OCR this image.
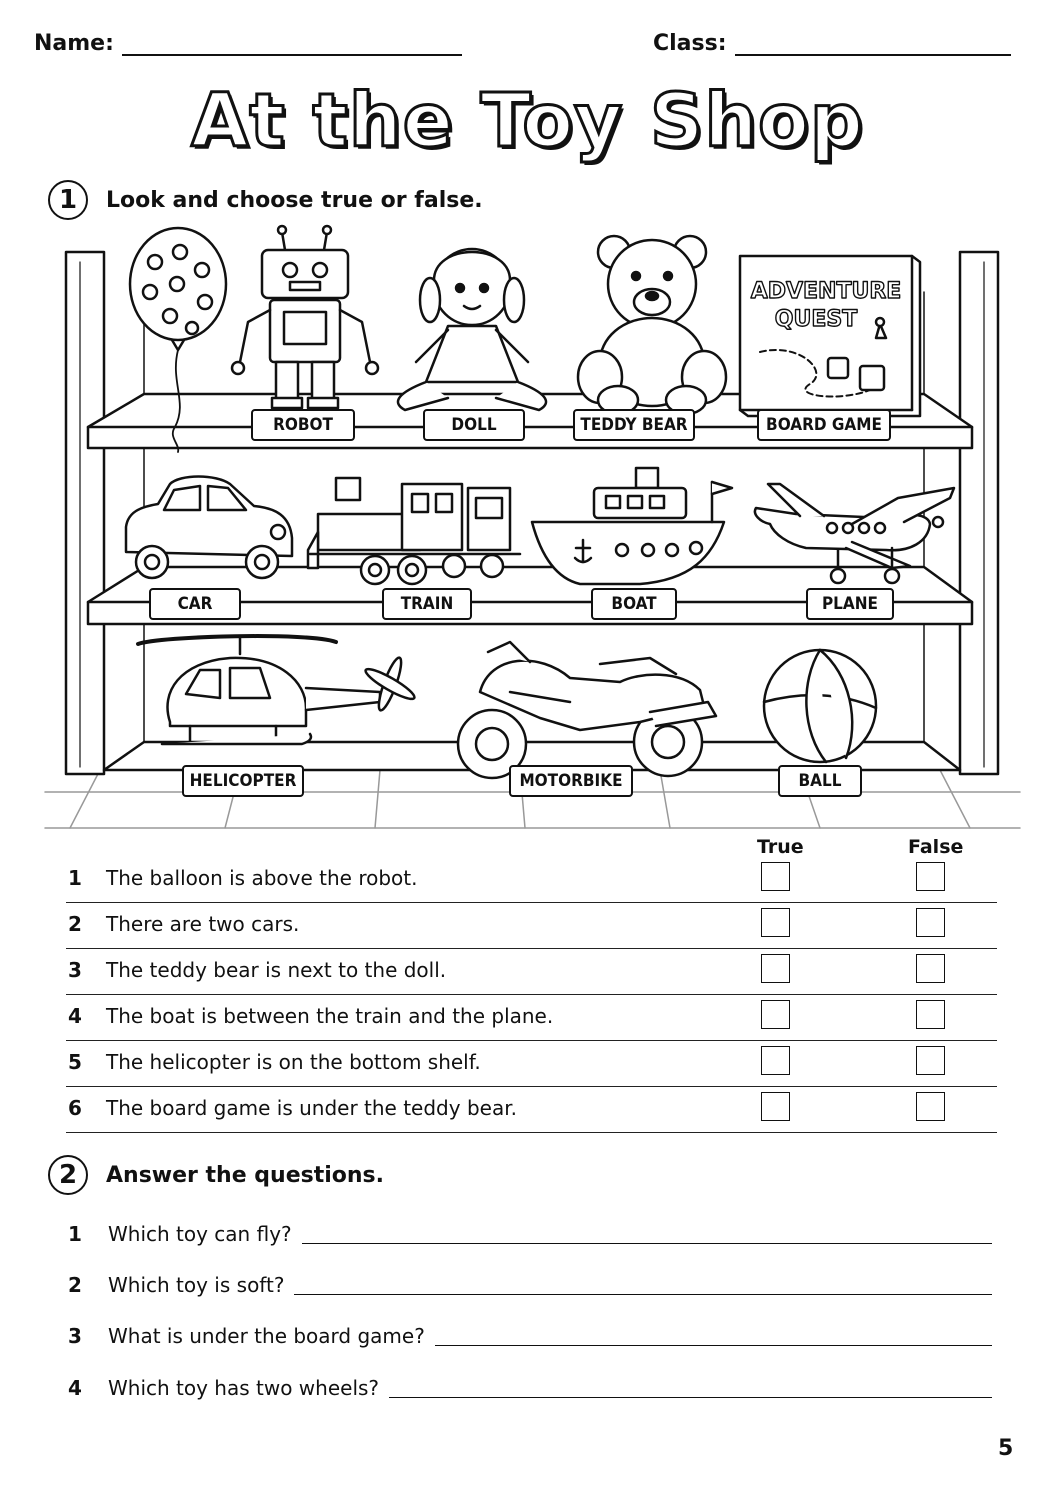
Name:	Class:
At the Toy Shop
1	Look and choose true or false.
ADVENTURE
QUEST
ROBOT	DOLL	TEDDY BEAR	BOARD GAME
CAR	TRAIN	BOAT	PLANE
HELICOPTER	MOTORBIKE	BALL
True	False
1 The balloon is above the robot.
2 There are two cars.
3 The teddy bear is next to the doll.
4 The boat is between the train and the plane.
5 The helicopter is on the bottom shelf.
6 The board game is under the teddy bear.
2	Answer the questions.
1	Which toy can fly?
2	Which toy is soft?
3	What is under the board game?
4	Which toy has two wheels?
5
